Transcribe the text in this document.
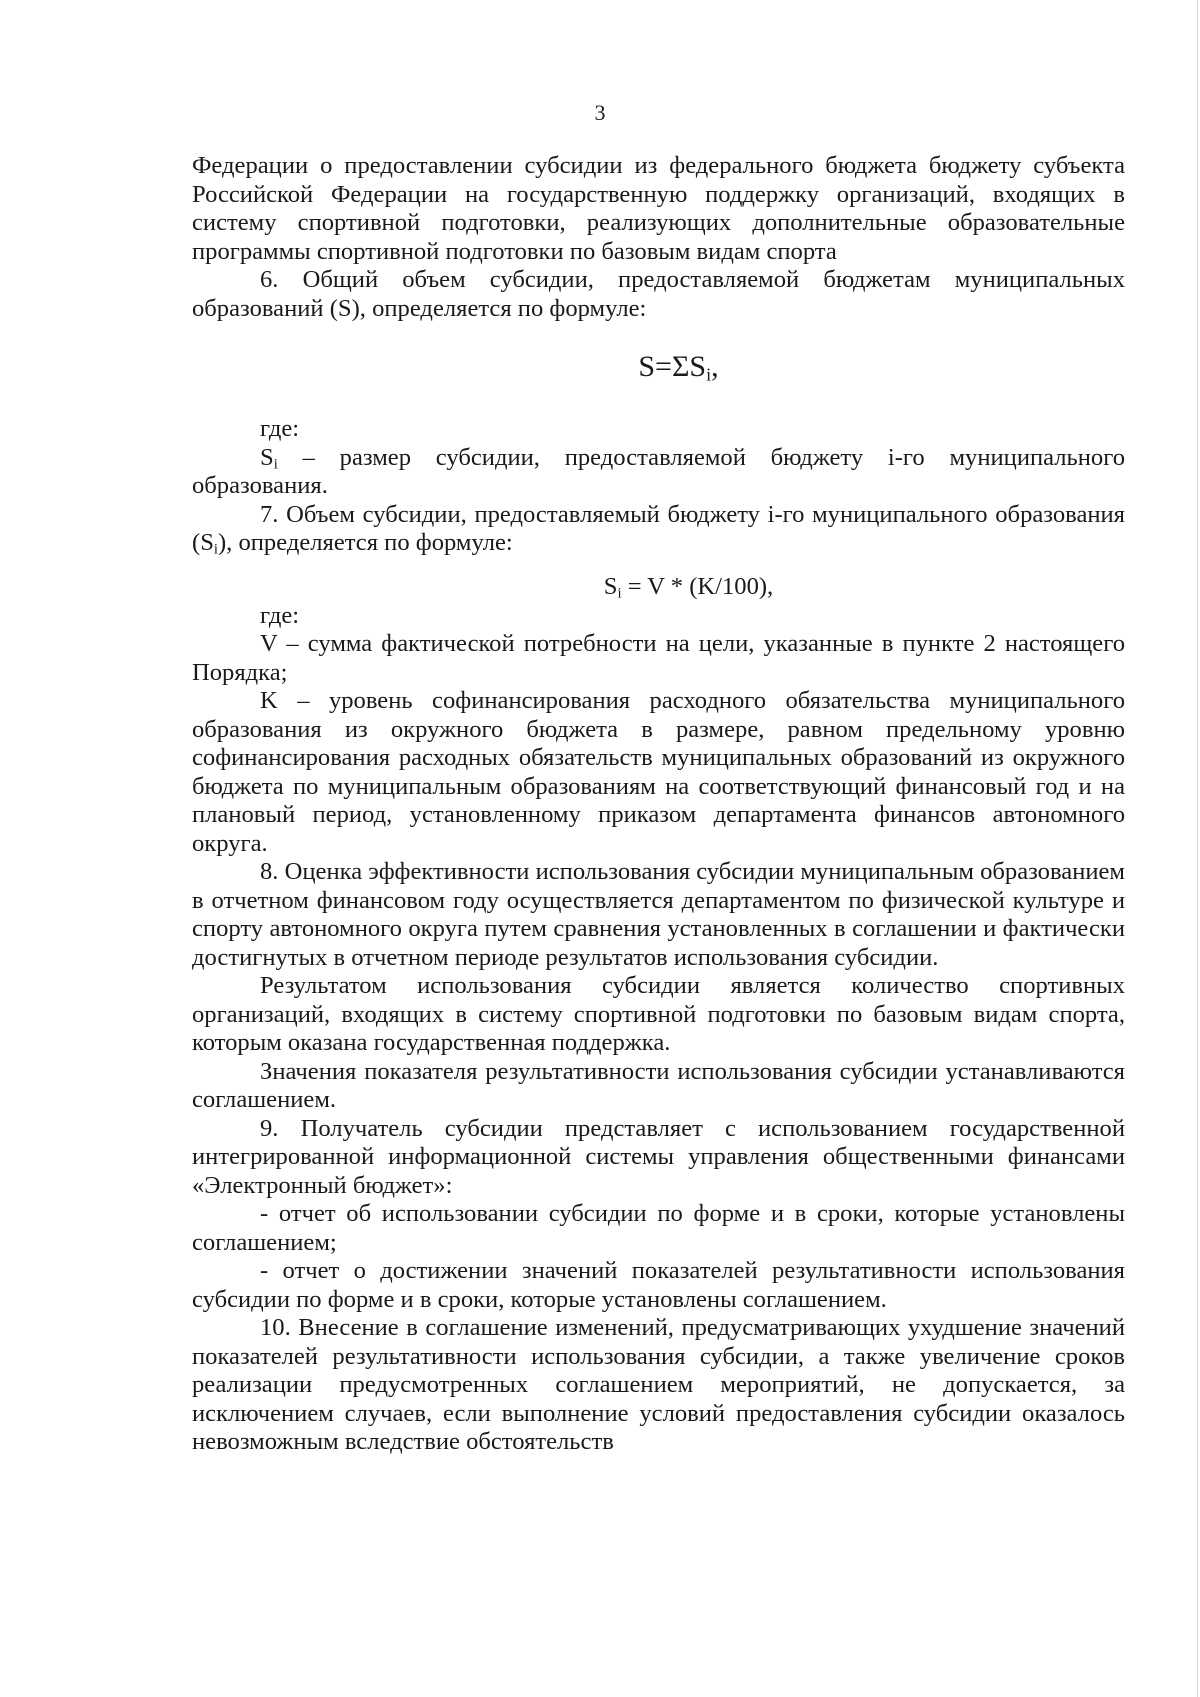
3

Федерации о предоставлении субсидии из федерального бюджета бюджету субъекта Российской Федерации на государственную поддержку организаций, входящих в систему спортивной подготовки, реализующих дополнительные образовательные программы спортивной подготовки по базовым видам спорта

6. Общий объем субсидии, предоставляемой бюджетам муниципальных образований (S), определяется по формуле:

$S=\Sigma S_i$,

где:

$S_i$ – размер субсидии, предоставляемой бюджету i-го муниципального образования.

7. Объем субсидии, предоставляемый бюджету i-го муниципального образования $(S_i)$, определяется по формуле:

$S_i = V * (K/100)$,

где:

V – сумма фактической потребности на цели, указанные в пункте 2 настоящего Порядка;

K – уровень софинансирования расходного обязательства муниципального образования из окружного бюджета в размере, равном предельному уровню софинансирования расходных обязательств муниципальных образований из окружного бюджета по муниципальным образованиям на соответствующий финансовый год и на плановый период, установленному приказом департамента финансов автономного округа.

8. Оценка эффективности использования субсидии муниципальным образованием в отчетном финансовом году осуществляется департаментом по физической культуре и спорту автономного округа путем сравнения установленных в соглашении и фактически достигнутых в отчетном периоде результатов использования субсидии.

Результатом использования субсидии является количество спортивных организаций, входящих в систему спортивной подготовки по базовым видам спорта, которым оказана государственная поддержка.

Значения показателя результативности использования субсидии устанавливаются соглашением.

9. Получатель субсидии представляет с использованием государственной интегрированной информационной системы управления общественными финансами «Электронный бюджет»:

- отчет об использовании субсидии по форме и в сроки, которые установлены соглашением;

- отчет о достижении значений показателей результативности использования субсидии по форме и в сроки, которые установлены соглашением.

10. Внесение в соглашение изменений, предусматривающих ухудшение значений показателей результативности использования субсидии, а также увеличение сроков реализации предусмотренных соглашением мероприятий, не допускается, за исключением случаев, если выполнение условий предоставления субсидии оказалось невозможным вследствие обстоятельств
